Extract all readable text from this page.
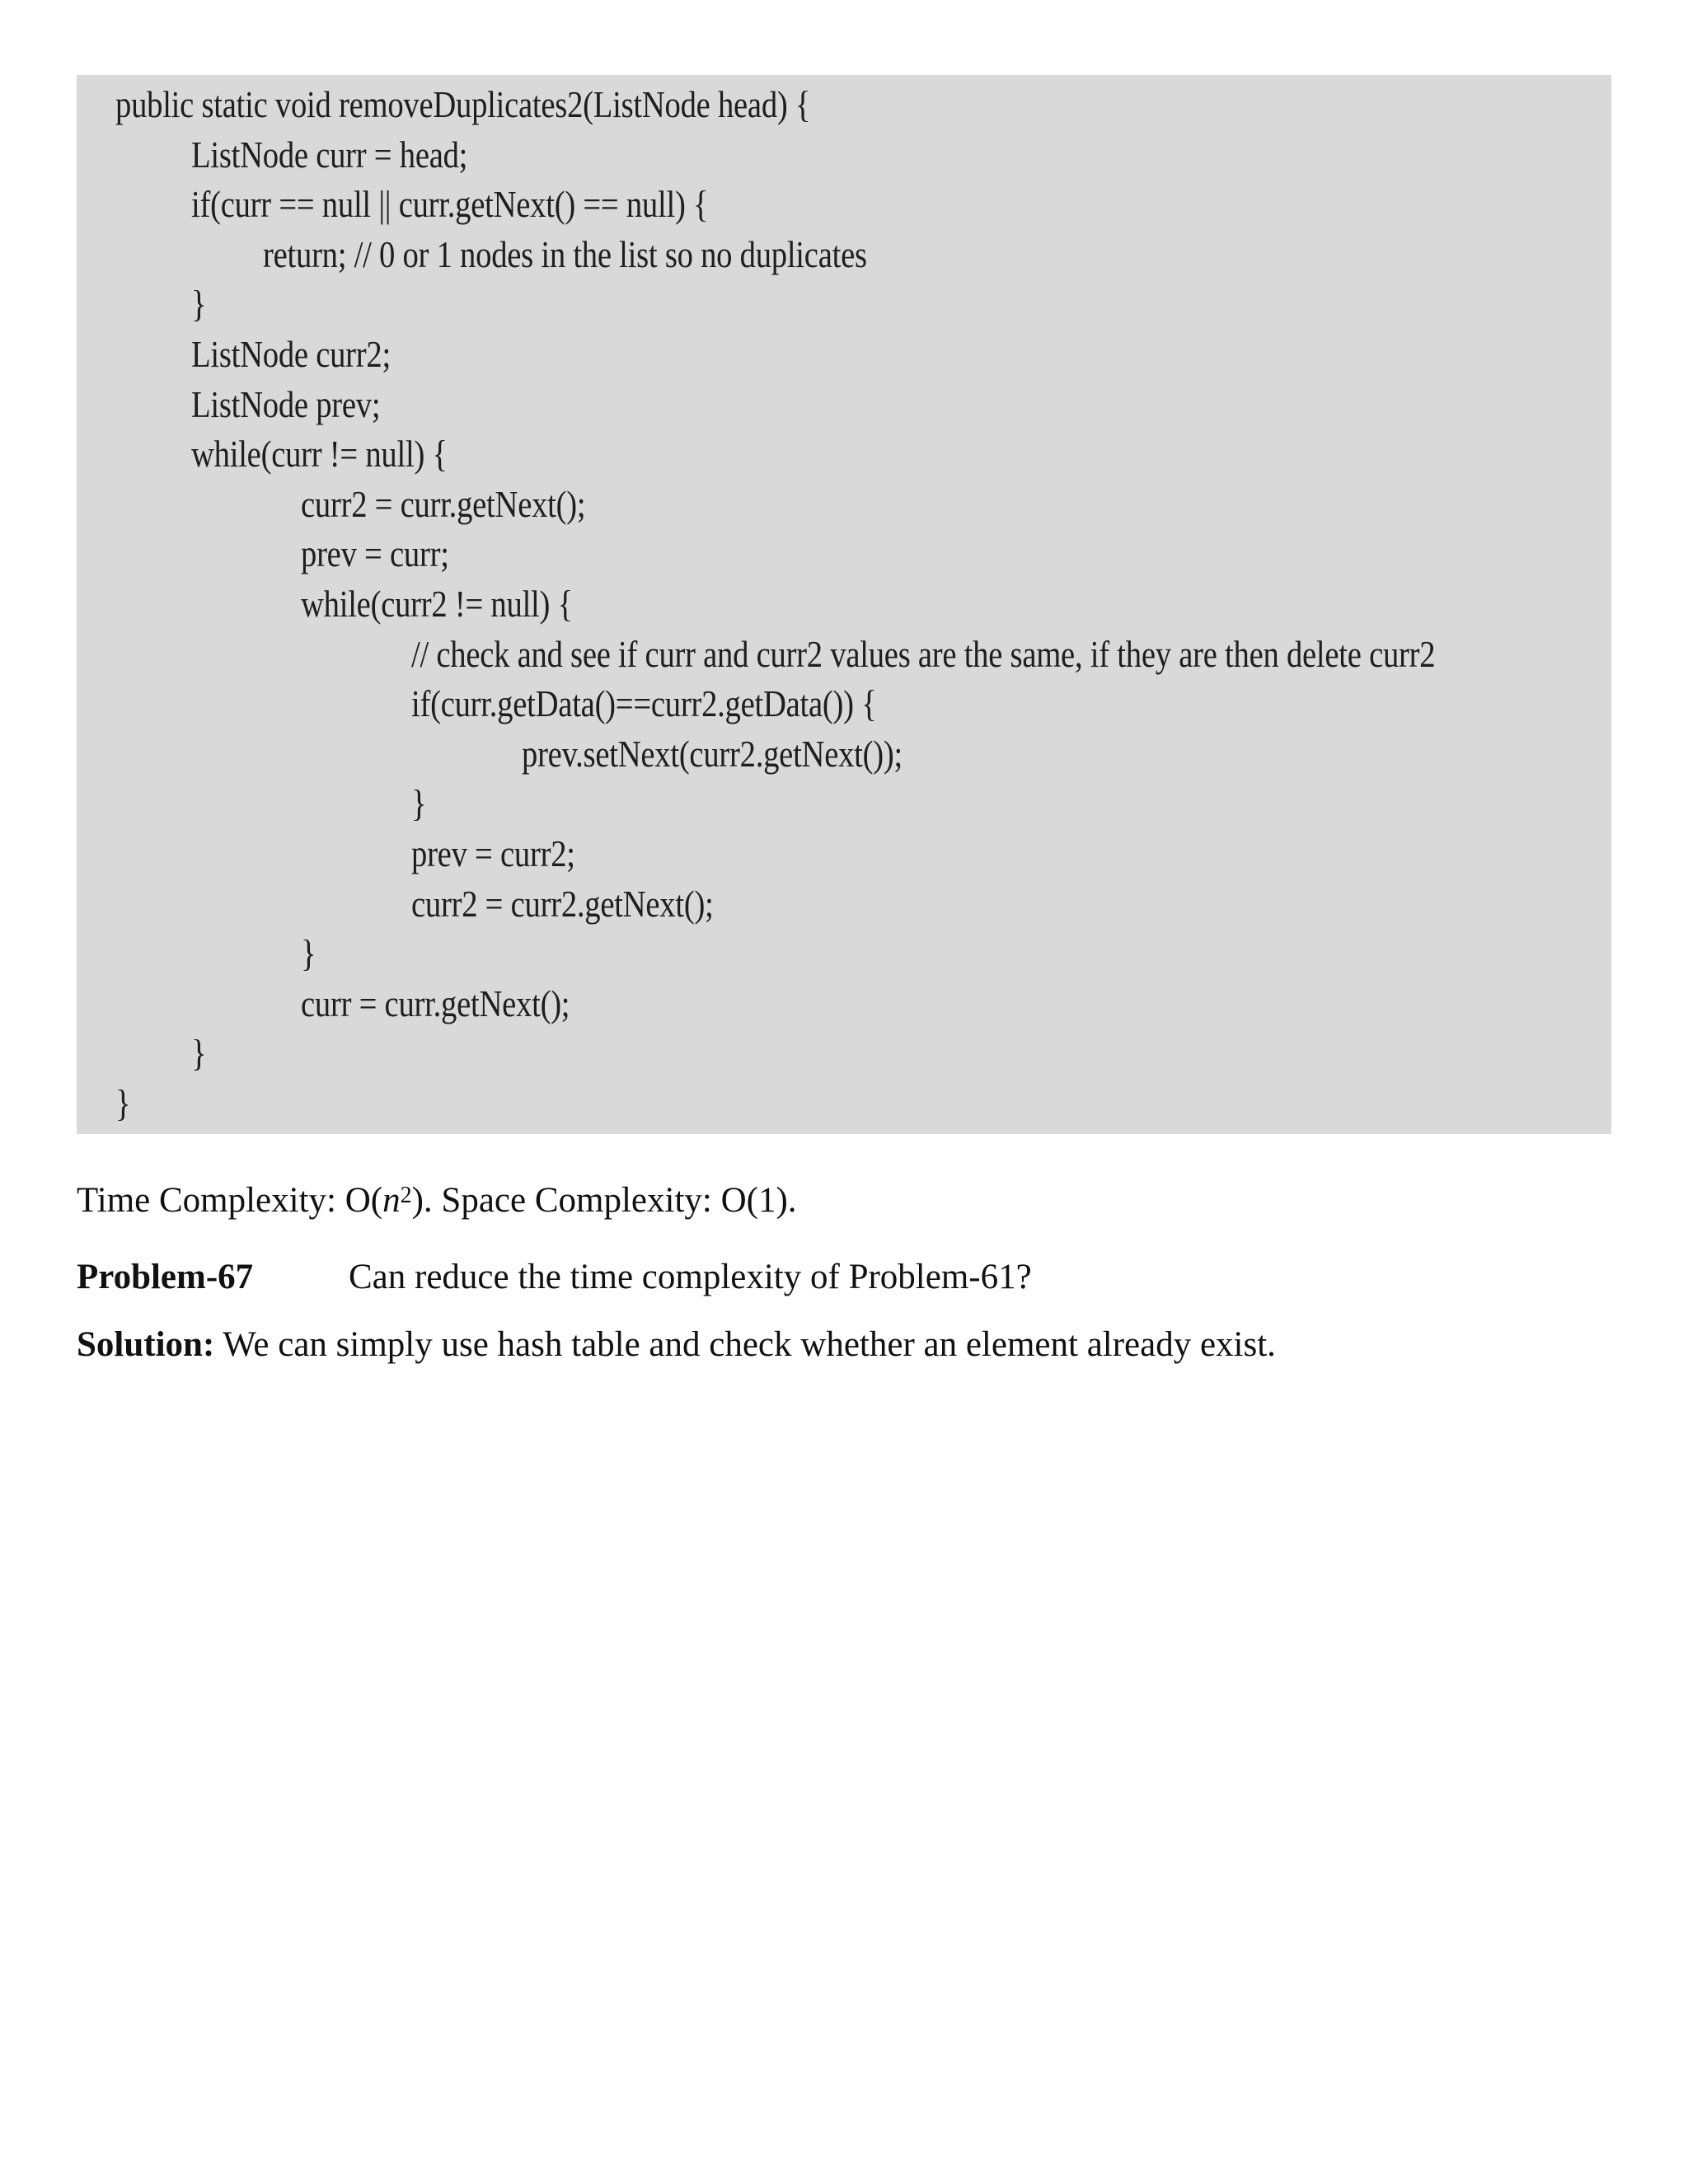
public static void removeDuplicates2(ListNode head) {
ListNode curr = head;
if(curr == null || curr.getNext() == null) {
return; // 0 or 1 nodes in the list so no duplicates
}
ListNode curr2;
ListNode prev;
while(curr != null) {
curr2 = curr.getNext();
prev = curr;
while(curr2 != null) {
// check and see if curr and curr2 values are the same, if they are then delete curr2
if(curr.getData()==curr2.getData()) {
prev.setNext(curr2.getNext());
}
prev = curr2;
curr2 = curr2.getNext();
}
curr = curr.getNext();
}
}
Time Complexity: $O(n^2)$. Space Complexity: O(1).
Problem-67	Can reduce the time complexity of Problem-61?
Solution: We can simply use hash table and check whether an element already exist.
